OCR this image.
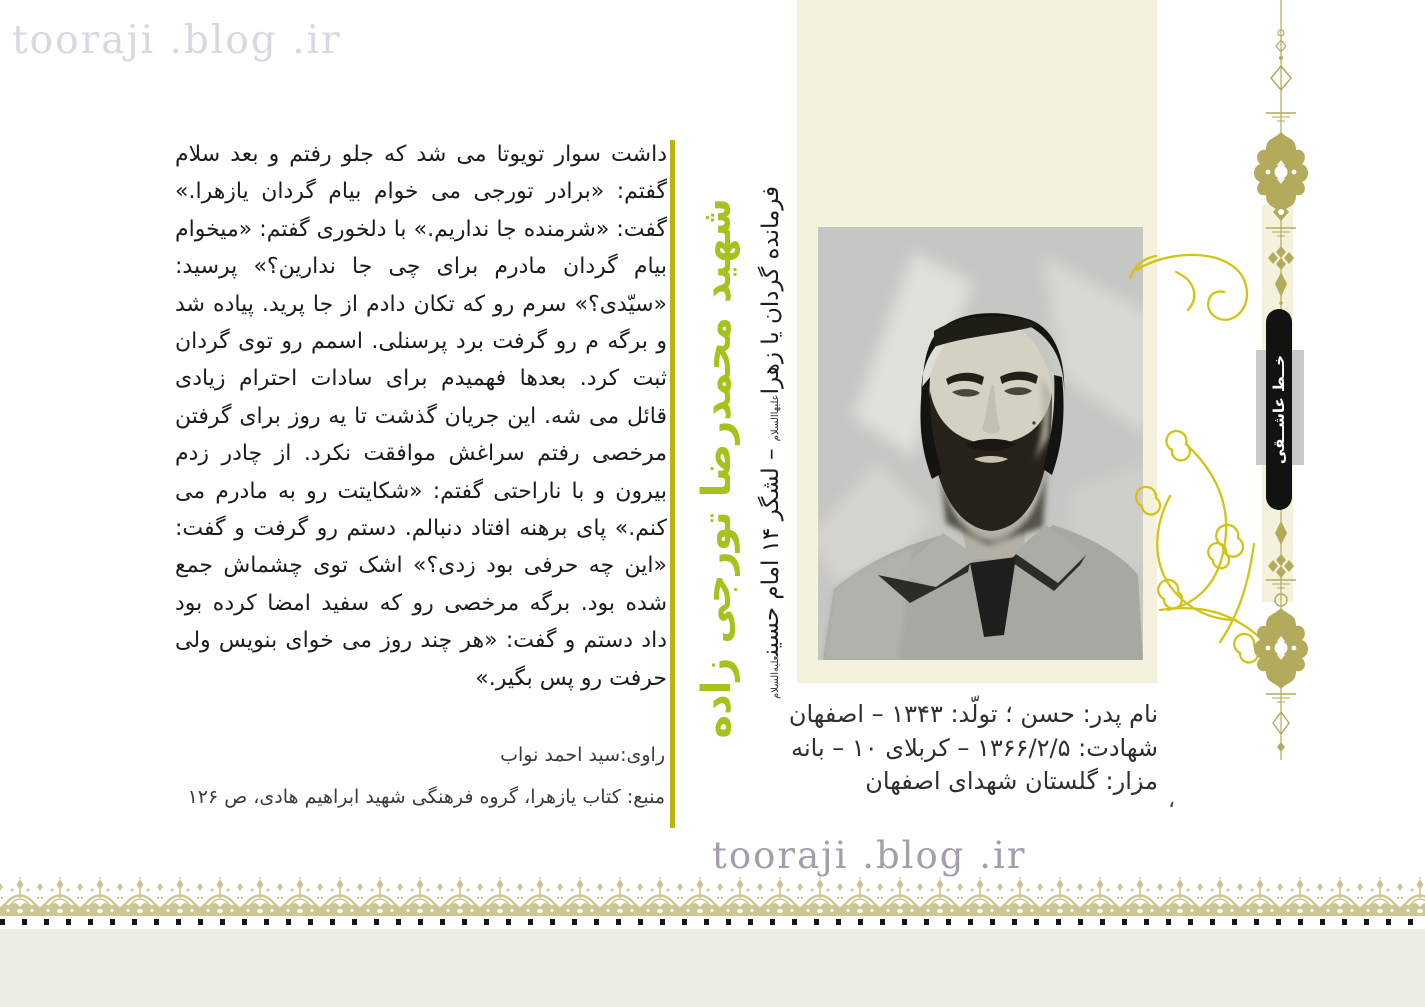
tooraji .blog .ir
داشت سوار تویوتا می شد که جلو رفتم و بعد سلام گفتم: «برادر تورجی می خوام بیام گردان یازهرا.» گفت: «شرمنده جا نداریم.» با دلخوری گفتم: «میخوام بیام گردان مادرم برای چی جا ندارین؟» پرسید: «سیّدی؟» سرم رو که تکان دادم از جا پرید. پیاده شد و برگه م رو گرفت برد پرسنلی. اسمم رو توی گردان ثبت کرد. بعدها فهمیدم برای سادات احترام زیادی قائل می شه. این جریان گذشت تا یه روز برای گرفتن مرخصی رفتم سراغش موافقت نکرد. از چادر زدم بیرون و با ناراحتی گفتم: «شکایتت رو به مادرم می کنم.» پای برهنه افتاد دنبالم. دستم رو گرفت و گفت: «این چه حرفی بود زدی؟» اشک توی چشماش جمع شده بود. برگه مرخصی رو که سفید امضا کرده بود داد دستم و گفت: «هر چند روز می خوای بنویس ولی حرفت رو پس بگیر.»
راوی:سید احمد نواب
منبع: کتاب یازهرا، گروه فرهنگی شهید ابراهیم هادی، ص ۱۲۶
شهید محمدرضا تورجی زاده فرمانده گردان یا زهراعلیهاالسلام – لشگر ۱۴ امام حسینعلیه‌السلام
خــط عاشــقی
نام پدر: حسن ؛ تولّد: ۱۳۴۳ – اصفهان
شهادت: ۱۳۶۶/۲/۵ – کربلای ۱۰ – بانه
مزار: گلستان شهدای اصفهان
،
tooraji .blog .ir
